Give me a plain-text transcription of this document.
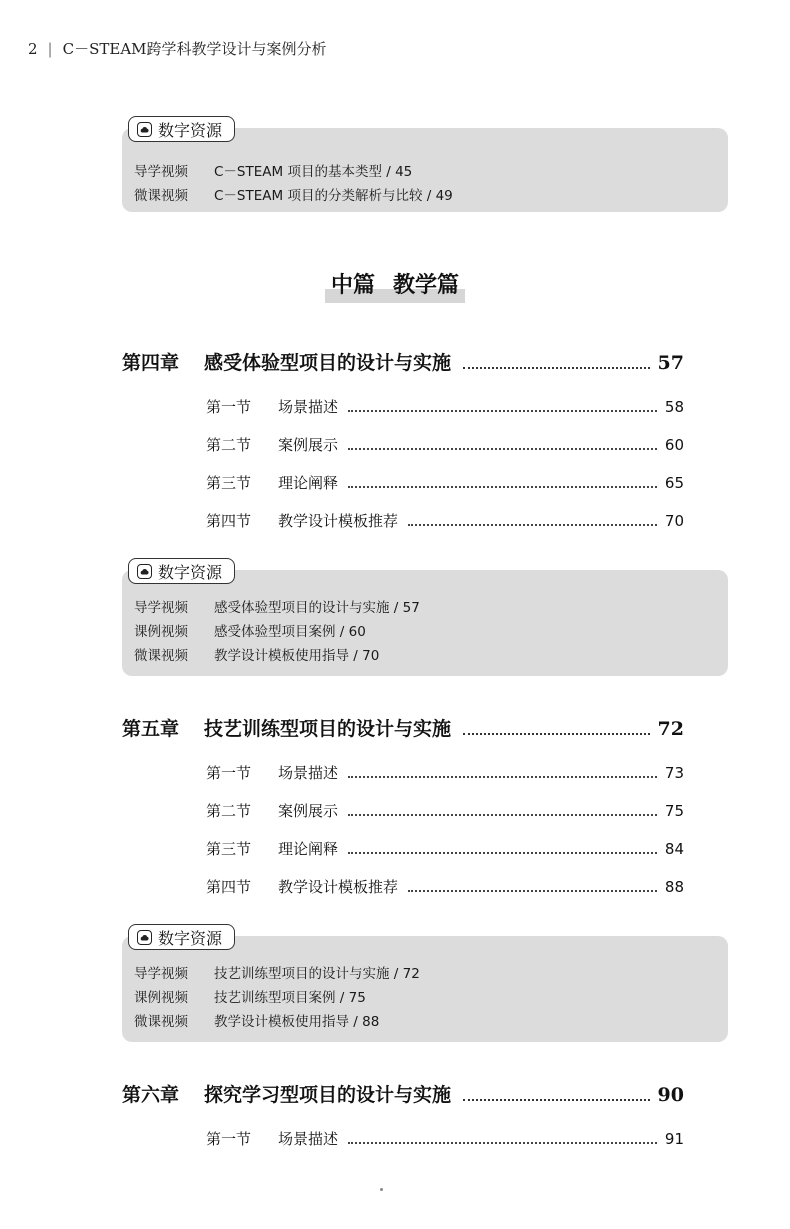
2 | C－STEAM跨学科教学设计与案例分析
数字资源
导学视频 C－STEAM 项目的基本类型 / 45
微课视频 C－STEAM 项目的分类解析与比较 / 49
中篇 教学篇
第四章	感受体验型项目的设计与实施	57
第一节	场景描述	58
第二节	案例展示	60
第三节	理论阐释	65
第四节	教学设计模板推荐	70
数字资源
导学视频 感受体验型项目的设计与实施 / 57
课例视频 感受体验型项目案例 / 60
微课视频 教学设计模板使用指导 / 70
第五章	技艺训练型项目的设计与实施	72
第一节	场景描述	73
第二节	案例展示	75
第三节	理论阐释	84
第四节	教学设计模板推荐	88
数字资源
导学视频 技艺训练型项目的设计与实施 / 72
课例视频 技艺训练型项目案例 / 75
微课视频 教学设计模板使用指导 / 88
第六章	探究学习型项目的设计与实施	90
第一节	场景描述	91
